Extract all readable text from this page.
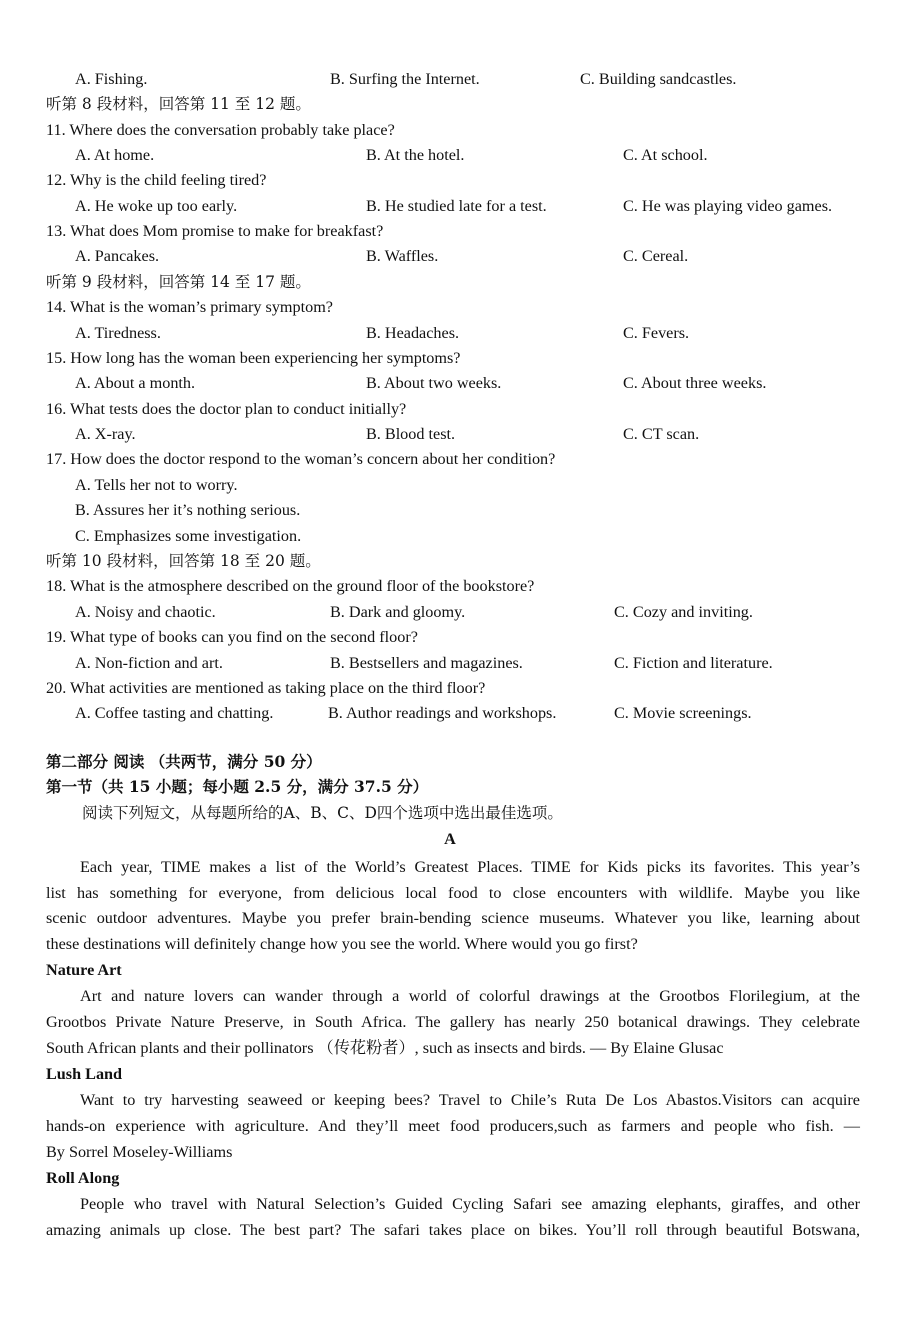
A. Fishing.	B. Surfing the Internet.	C. Building sandcastles.
听第 8 段材料，回答第 11 至 12 题。
11. Where does the conversation probably take place?
A. At home.	B. At the hotel.	C. At school.
12. Why is the child feeling tired?
A. He woke up too early.	B. He studied late for a test.	C. He was playing video games.
13. What does Mom promise to make for breakfast?
A. Pancakes.	B. Waffles.	C. Cereal.
听第 9 段材料，回答第 14 至 17 题。
14. What is the woman’s primary symptom?
A. Tiredness.	B. Headaches.	C. Fevers.
15. How long has the woman been experiencing her symptoms?
A. About a month.	B. About two weeks.	C. About three weeks.
16. What tests does the doctor plan to conduct initially?
A. X-ray.	B. Blood test.	C. CT scan.
17. How does the doctor respond to the woman’s concern about her condition?
A. Tells her not to worry.
B. Assures her it’s nothing serious.
C. Emphasizes some investigation.
听第 10 段材料，回答第 18 至 20 题。
18. What is the atmosphere described on the ground floor of the bookstore?
A. Noisy and chaotic.	B. Dark and gloomy.	C. Cozy and inviting.
19. What type of books can you find on the second floor?
A. Non-fiction and art.	B. Bestsellers and magazines.	C. Fiction and literature.
20. What activities are mentioned as taking place on the third floor?
A. Coffee tasting and chatting.	B. Author readings and workshops.	C. Movie screenings.
第二部分 阅读 （共两节，满分 50 分）
第一节（共 15 小题；每小题 2.5 分，满分 37.5 分）
阅读下列短文，从每题所给的A、B、C、D四个选项中选出最佳选项。
A
Each year, TIME makes a list of the World’s Greatest Places. TIME for Kids picks its favorites. This year’s
list has something for everyone, from delicious local food to close encounters with wildlife. Maybe you like
scenic outdoor adventures. Maybe you prefer brain-bending science museums. Whatever you like, learning about
these destinations will definitely change how you see the world. Where would you go first?
Nature Art
Art and nature lovers can wander through a world of colorful drawings at the Grootbos Florilegium, at the
Grootbos Private Nature Preserve, in South Africa. The gallery has nearly 250 botanical drawings. They celebrate
South African plants and their pollinators （传花粉者）, such as insects and birds. — By Elaine Glusac
Lush Land
Want to try harvesting seaweed or keeping bees? Travel to Chile’s Ruta De Los Abastos.Visitors can acquire
hands-on experience with agriculture. And they’ll meet food producers,such as farmers and people who fish. —
By Sorrel Moseley-Williams
Roll Along
People who travel with Natural Selection’s Guided Cycling Safari see amazing elephants, giraffes, and other
amazing animals up close. The best part? The safari takes place on bikes. You’ll roll through beautiful Botswana,
